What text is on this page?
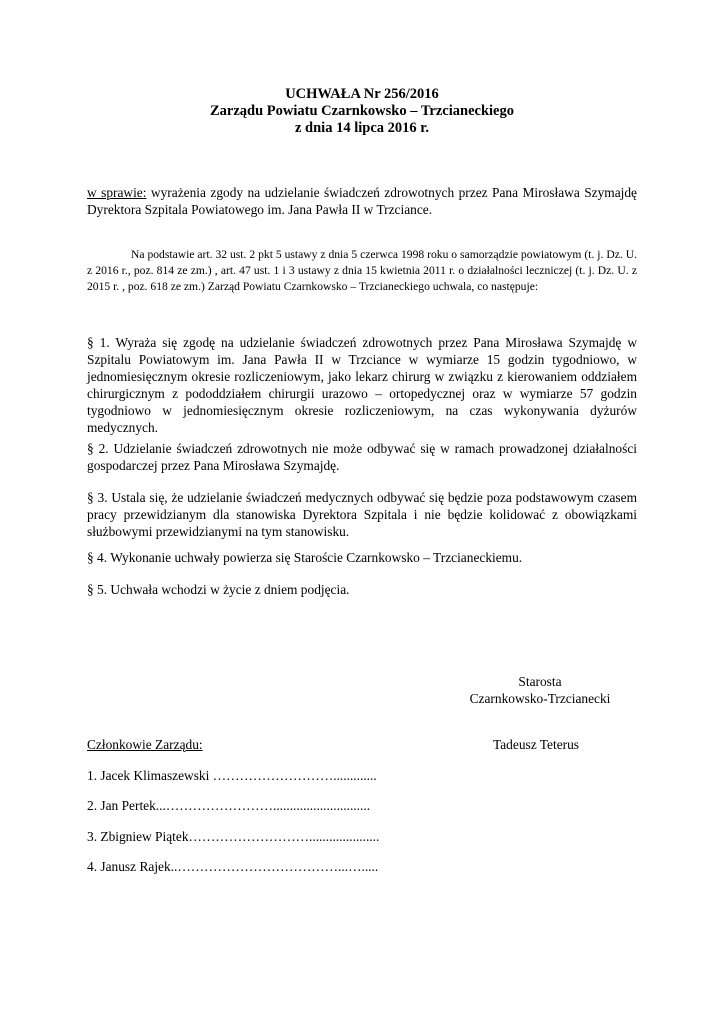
UCHWAŁA Nr 256/2016
Zarządu Powiatu Czarnkowsko – Trzcianeckiego
z dnia 14 lipca 2016 r.
w sprawie: wyrażenia zgody na udzielanie świadczeń zdrowotnych przez Pana Mirosława Szymajdę Dyrektora Szpitala Powiatowego im. Jana Pawła II w Trzciance.
Na podstawie art. 32 ust. 2 pkt 5 ustawy z dnia 5 czerwca 1998 roku o samorządzie powiatowym (t. j. Dz. U. z 2016 r., poz. 814 ze zm.) , art. 47 ust. 1 i 3 ustawy z dnia 15 kwietnia 2011 r. o działalności leczniczej (t. j. Dz. U. z 2015 r. , poz. 618 ze zm.) Zarząd Powiatu Czarnkowsko – Trzcianeckiego uchwala, co następuje:

§ 1. Wyraża się zgodę na udzielanie świadczeń zdrowotnych przez Pana Mirosława Szymajdę w Szpitalu Powiatowym im. Jana Pawła II w Trzciance w wymiarze 15 godzin tygodniowo, w jednomiesięcznym okresie rozliczeniowym, jako lekarz chirurg w związku z kierowaniem oddziałem chirurgicznym z pododdziałem chirurgii urazowo – ortopedycznej oraz w wymiarze 57 godzin tygodniowo w jednomiesięcznym okresie rozliczeniowym, na czas wykonywania dyżurów medycznych.

§ 2. Udzielanie świadczeń zdrowotnych nie może odbywać się w ramach prowadzonej działalności gospodarczej przez Pana Mirosława Szymajdę.

§ 3. Ustala się, że udzielanie świadczeń medycznych odbywać się będzie poza podstawowym czasem pracy przewidzianym dla stanowiska Dyrektora Szpitala i nie będzie kolidować z obowiązkami służbowymi przewidzianymi na tym stanowisku.

§ 4. Wykonanie uchwały powierza się Staroście Czarnkowsko – Trzcianeckiemu.

§ 5. Uchwała wchodzi w życie z dniem podjęcia.

Starosta
Czarnkowsko-Trzcianecki
Członkowie Zarządu:	Tadeusz Teterus
1. Jacek Klimaszewski ……………………….............
2. Jan Pertek...…………………….............................
3. Zbigniew Piątek……………………….....................
4. Janusz Rajek..………………………………...….....
